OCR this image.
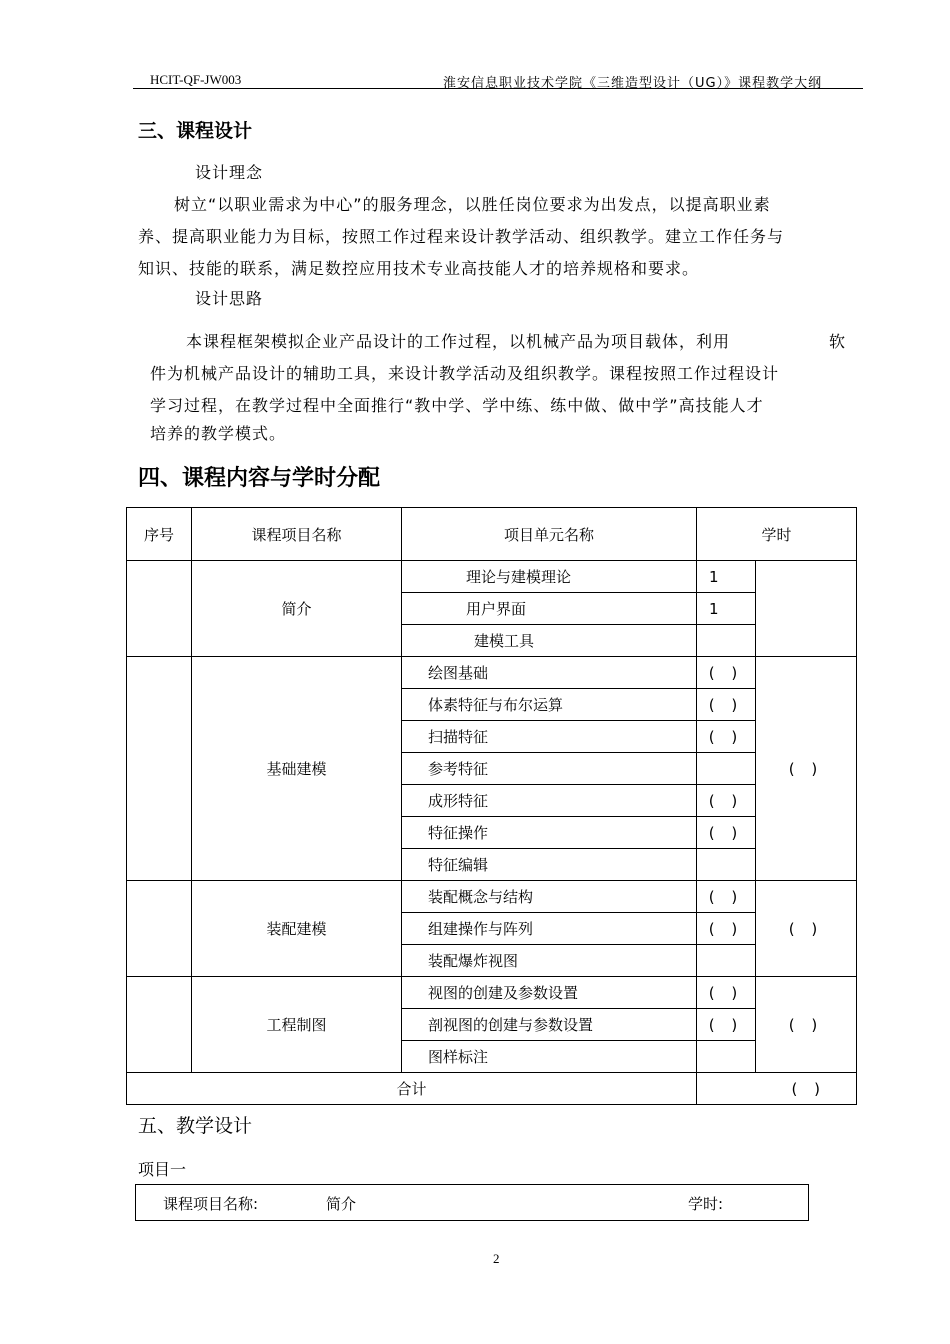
HCIT-QF-JW003	淮安信息职业技术学院《三维造型设计（UG）》课程教学大纲
三、课程设计
设计理念
树立“以职业需求为中心”的服务理念，以胜任岗位要求为出发点，以提高职业素
养、提高职业能力为目标，按照工作过程来设计教学活动、组织教学。建立工作任务与
知识、技能的联系，满足数控应用技术专业高技能人才的培养规格和要求。
设计思路
本课程框架模拟企业产品设计的工作过程，以机械产品为项目载体，利用	软
件为机械产品设计的辅助工具，来设计教学活动及组织教学。课程按照工作过程设计
学习过程，在教学过程中全面推行“教中学、学中练、练中做、做中学”高技能人才
培养的教学模式。
四、课程内容与学时分配
序号	课程项目名称	项目单元名称	学时	
	简介	理论与建模理论	1	
		用户界面	1	
		建模工具		
	基础建模	绘图基础	( )	( )
		体素特征与布尔运算	( )	
		扫描特征	( )	
		参考特征		
		成形特征	( )	
		特征操作	( )	
		特征编辑		
	装配建模	装配概念与结构	( )	( )
		组建操作与阵列	( )	
		装配爆炸视图		
	工程制图	视图的创建及参数设置	( )	( )
		剖视图的创建与参数设置	( )	
		图样标注		
合计			( )	
五、教学设计
项目一
课程项目名称:	简介	学时:
2
